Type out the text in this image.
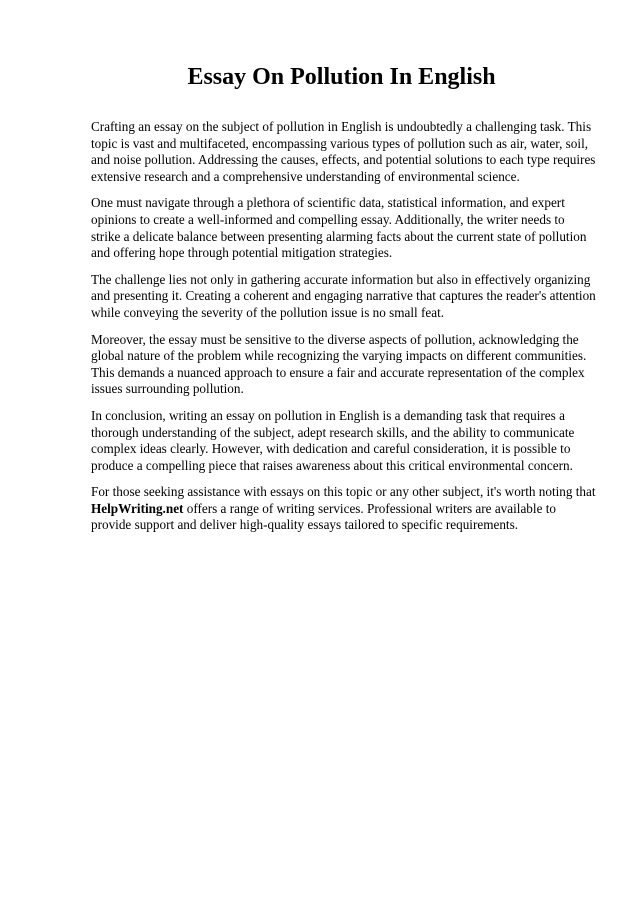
Essay On Pollution In English

Crafting an essay on the subject of pollution in English is undoubtedly a challenging task. This topic is vast and multifaceted, encompassing various types of pollution such as air, water, soil, and noise pollution. Addressing the causes, effects, and potential solutions to each type requires extensive research and a comprehensive understanding of environmental science.

One must navigate through a plethora of scientific data, statistical information, and expert opinions to create a well-informed and compelling essay. Additionally, the writer needs to strike a delicate balance between presenting alarming facts about the current state of pollution and offering hope through potential mitigation strategies.

The challenge lies not only in gathering accurate information but also in effectively organizing and presenting it. Creating a coherent and engaging narrative that captures the reader's attention while conveying the severity of the pollution issue is no small feat.

Moreover, the essay must be sensitive to the diverse aspects of pollution, acknowledging the global nature of the problem while recognizing the varying impacts on different communities. This demands a nuanced approach to ensure a fair and accurate representation of the complex issues surrounding pollution.

In conclusion, writing an essay on pollution in English is a demanding task that requires a thorough understanding of the subject, adept research skills, and the ability to communicate complex ideas clearly. However, with dedication and careful consideration, it is possible to produce a compelling piece that raises awareness about this critical environmental concern.

For those seeking assistance with essays on this topic or any other subject, it's worth noting that HelpWriting.net offers a range of writing services. Professional writers are available to provide support and deliver high-quality essays tailored to specific requirements.
